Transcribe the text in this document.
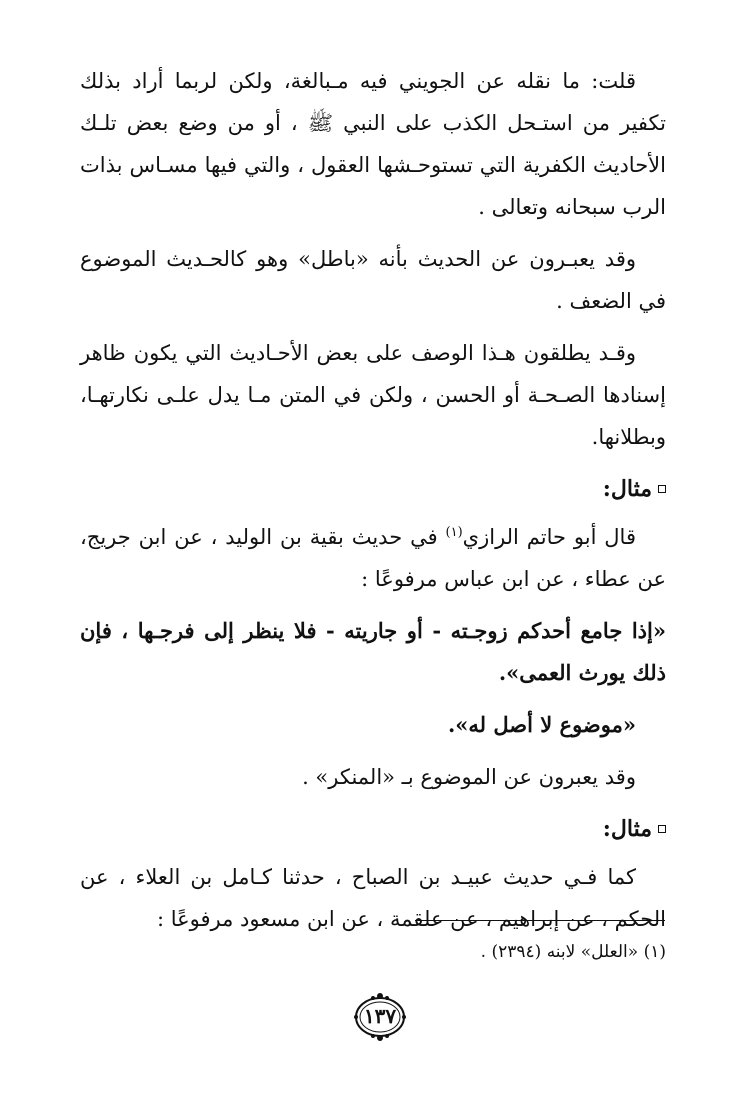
قلت: ما نقله عن الجويني فيه مـبالغة، ولكن لربما أراد بذلك تكفير من استـحل الكذب على النبي ﷺ ، أو من وضع بعض تلـك الأحاديث الكفرية التي تستوحـشها العقول ، والتي فيها مسـاس بذات الرب سبحانه وتعالى .

وقد يعبـرون عن الحديث بأنه «باطل» وهو كالحـديث الموضوع في الضعف .

وقـد يطلقون هـذا الوصف على بعض الأحـاديث التي يكون ظاهر إسنادها الصـحـة أو الحسن ، ولكن في المتن مـا يدل علـى نكارتهـا، وبطلانها.

مثال:

قال أبو حاتم الرازي$^{(١)}$ في حديث بقية بن الوليد ، عن ابن جريج، عن عطاء ، عن ابن عباس مرفوعًا :

«إذا جامع أحدكم زوجـته - أو جاريته - فلا ينظر إلى فرجـها ، فإن ذلك يورث العمى».

«موضوع لا أصل له».

وقد يعبرون عن الموضوع بـ «المنكر» .

مثال:

كما فـي حديث عبيـد بن الصباح ، حدثنا كـامل بن العلاء ، عن الحكم ، عن إبراهيم ، عن علقمة ، عن ابن مسعود مرفوعًا :

(١) «العلل» لابنه (٢٣٩٤) .
١٣٧
